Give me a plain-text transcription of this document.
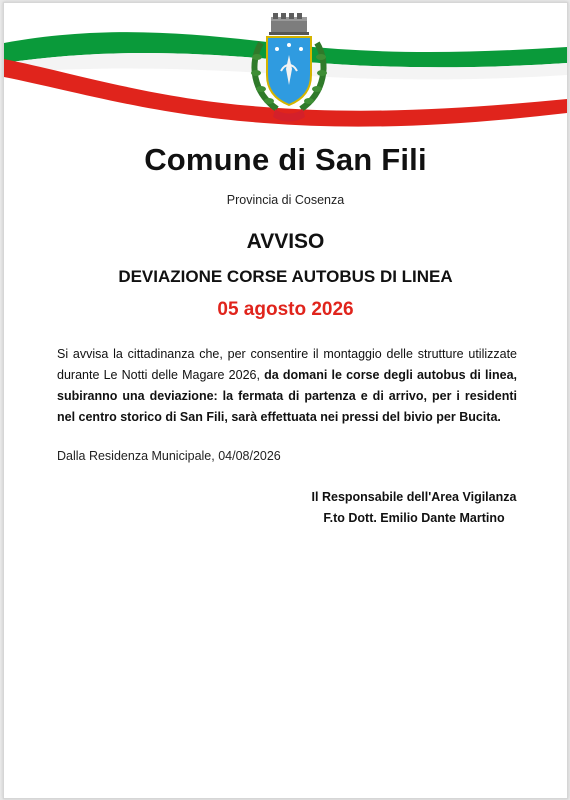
Comune di San Fili
Provincia di Cosenza
AVVISO
DEVIAZIONE CORSE AUTOBUS DI LINEA
05 agosto 2026
Si avvisa la cittadinanza che, per consentire il montaggio delle strutture utilizzate durante Le Notti delle Magare 2026, da domani le corse degli autobus di linea, subiranno una deviazione: la fermata di partenza e di arrivo, per i residenti nel centro storico di San Fili, sarà effettuata nei pressi del bivio per Bucita.
Dalla Residenza Municipale, 04/08/2026
Il Responsabile dell'Area Vigilanza
F.to Dott. Emilio Dante Martino
